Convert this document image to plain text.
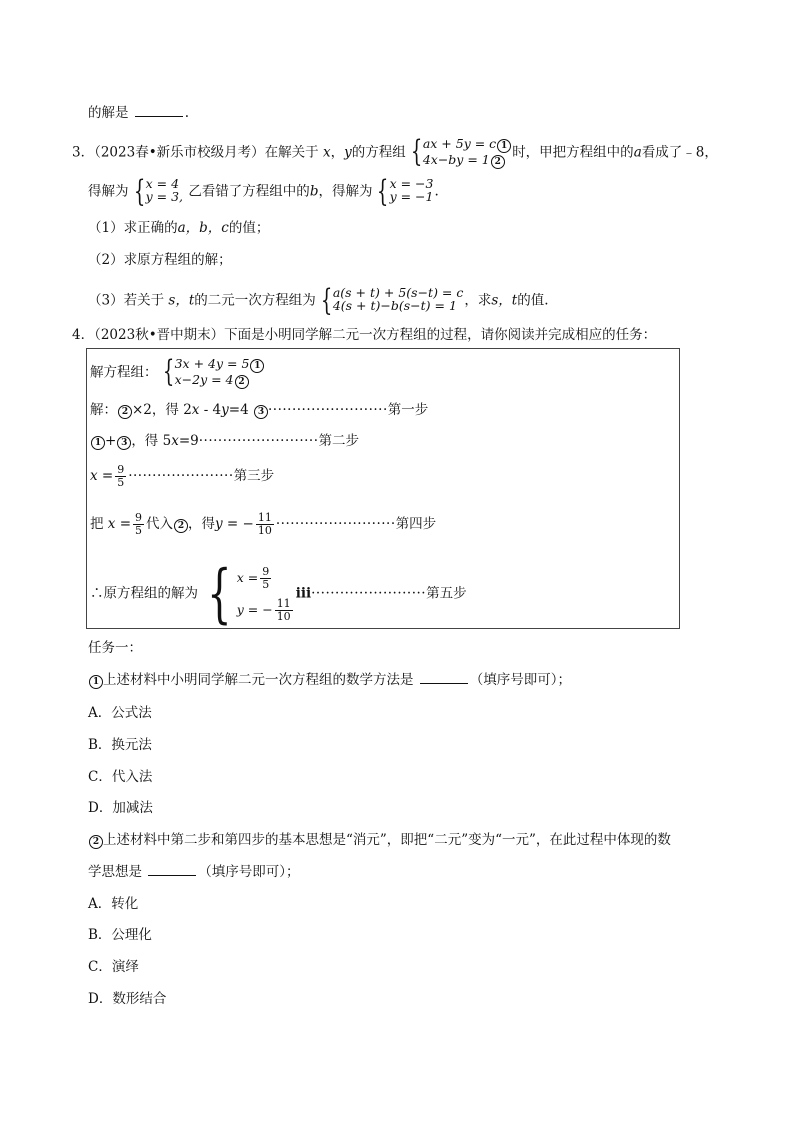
的解是	.
3．（2023春•新乐市校级月考）在解关于 x，y的方程组 { ax + 5y = c 1
4x−by = 1 2
时，甲把方程组中的a看成了﹣8，
得解为 { x = 4
y = 3, 乙看错了方程组中的b，得解为 { x = −3
y = −1 .
（1）求正确的a，b，c的值；
（2）求原方程组的解；
（3）若关于 s，t的二元一次方程组为 { a(s + t) + 5(s−t) = c
4(s + t)−b(s−t) = 1 ，求s，t的值.
4．（2023秋•晋中期末）下面是小明同学解二元一次方程组的过程，请你阅读并完成相应的任务：
解方程组： { 3x + 4y = 5 1
x−2y = 4 2
解： 2 ×2，得 2x - 4y=4 3 ·························第一步
1 + 3 ，得 5x=9·························第二步
$x = \frac{9}{5}$ ······················第三步
把 $x = \frac{9}{5}$ 代入 2 ，得y = − $\frac{11}{10}$ ·························第四步
∴原方程组的解为 { $x = \frac{9}{5}$
y = − $\frac{11}{10}$
ⅲ························第五步
任务一：
1 上述材料中小明同学解二元一次方程组的数学方法是	（填序号即可）；
A．公式法
B．换元法
C．代入法
D．加减法
2 上述材料中第二步和第四步的基本思想是“消元”，即把“二元”变为“一元”，在此过程中体现的数
学思想是	（填序号即可）；
A．转化
B．公理化
C．演绎
D．数形结合
